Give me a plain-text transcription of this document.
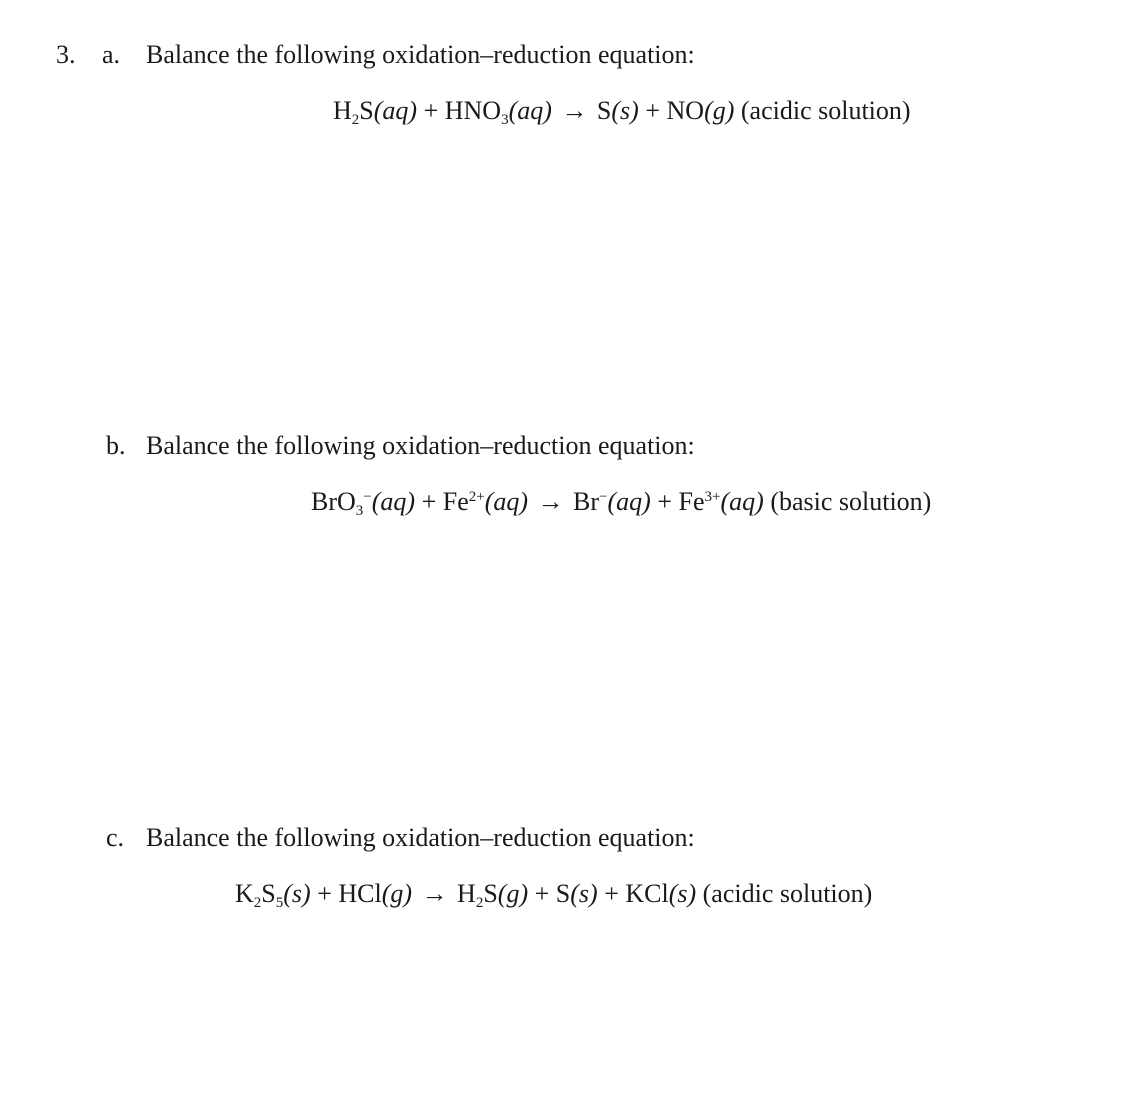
3. a. Balance the following oxidation–reduction equation:
$H_2S(aq) + HNO_3(aq) \to S(s) + NO(g)$ (acidic solution)
b. Balance the following oxidation–reduction equation:
$BrO_3^-(aq) + Fe^{2+}(aq) \to Br^-(aq) + Fe^{3+}(aq)$ (basic solution)
c. Balance the following oxidation–reduction equation:
$K_2S_5(s) + HCl(g) \to H_2S(g) + S(s) + KCl(s)$ (acidic solution)
